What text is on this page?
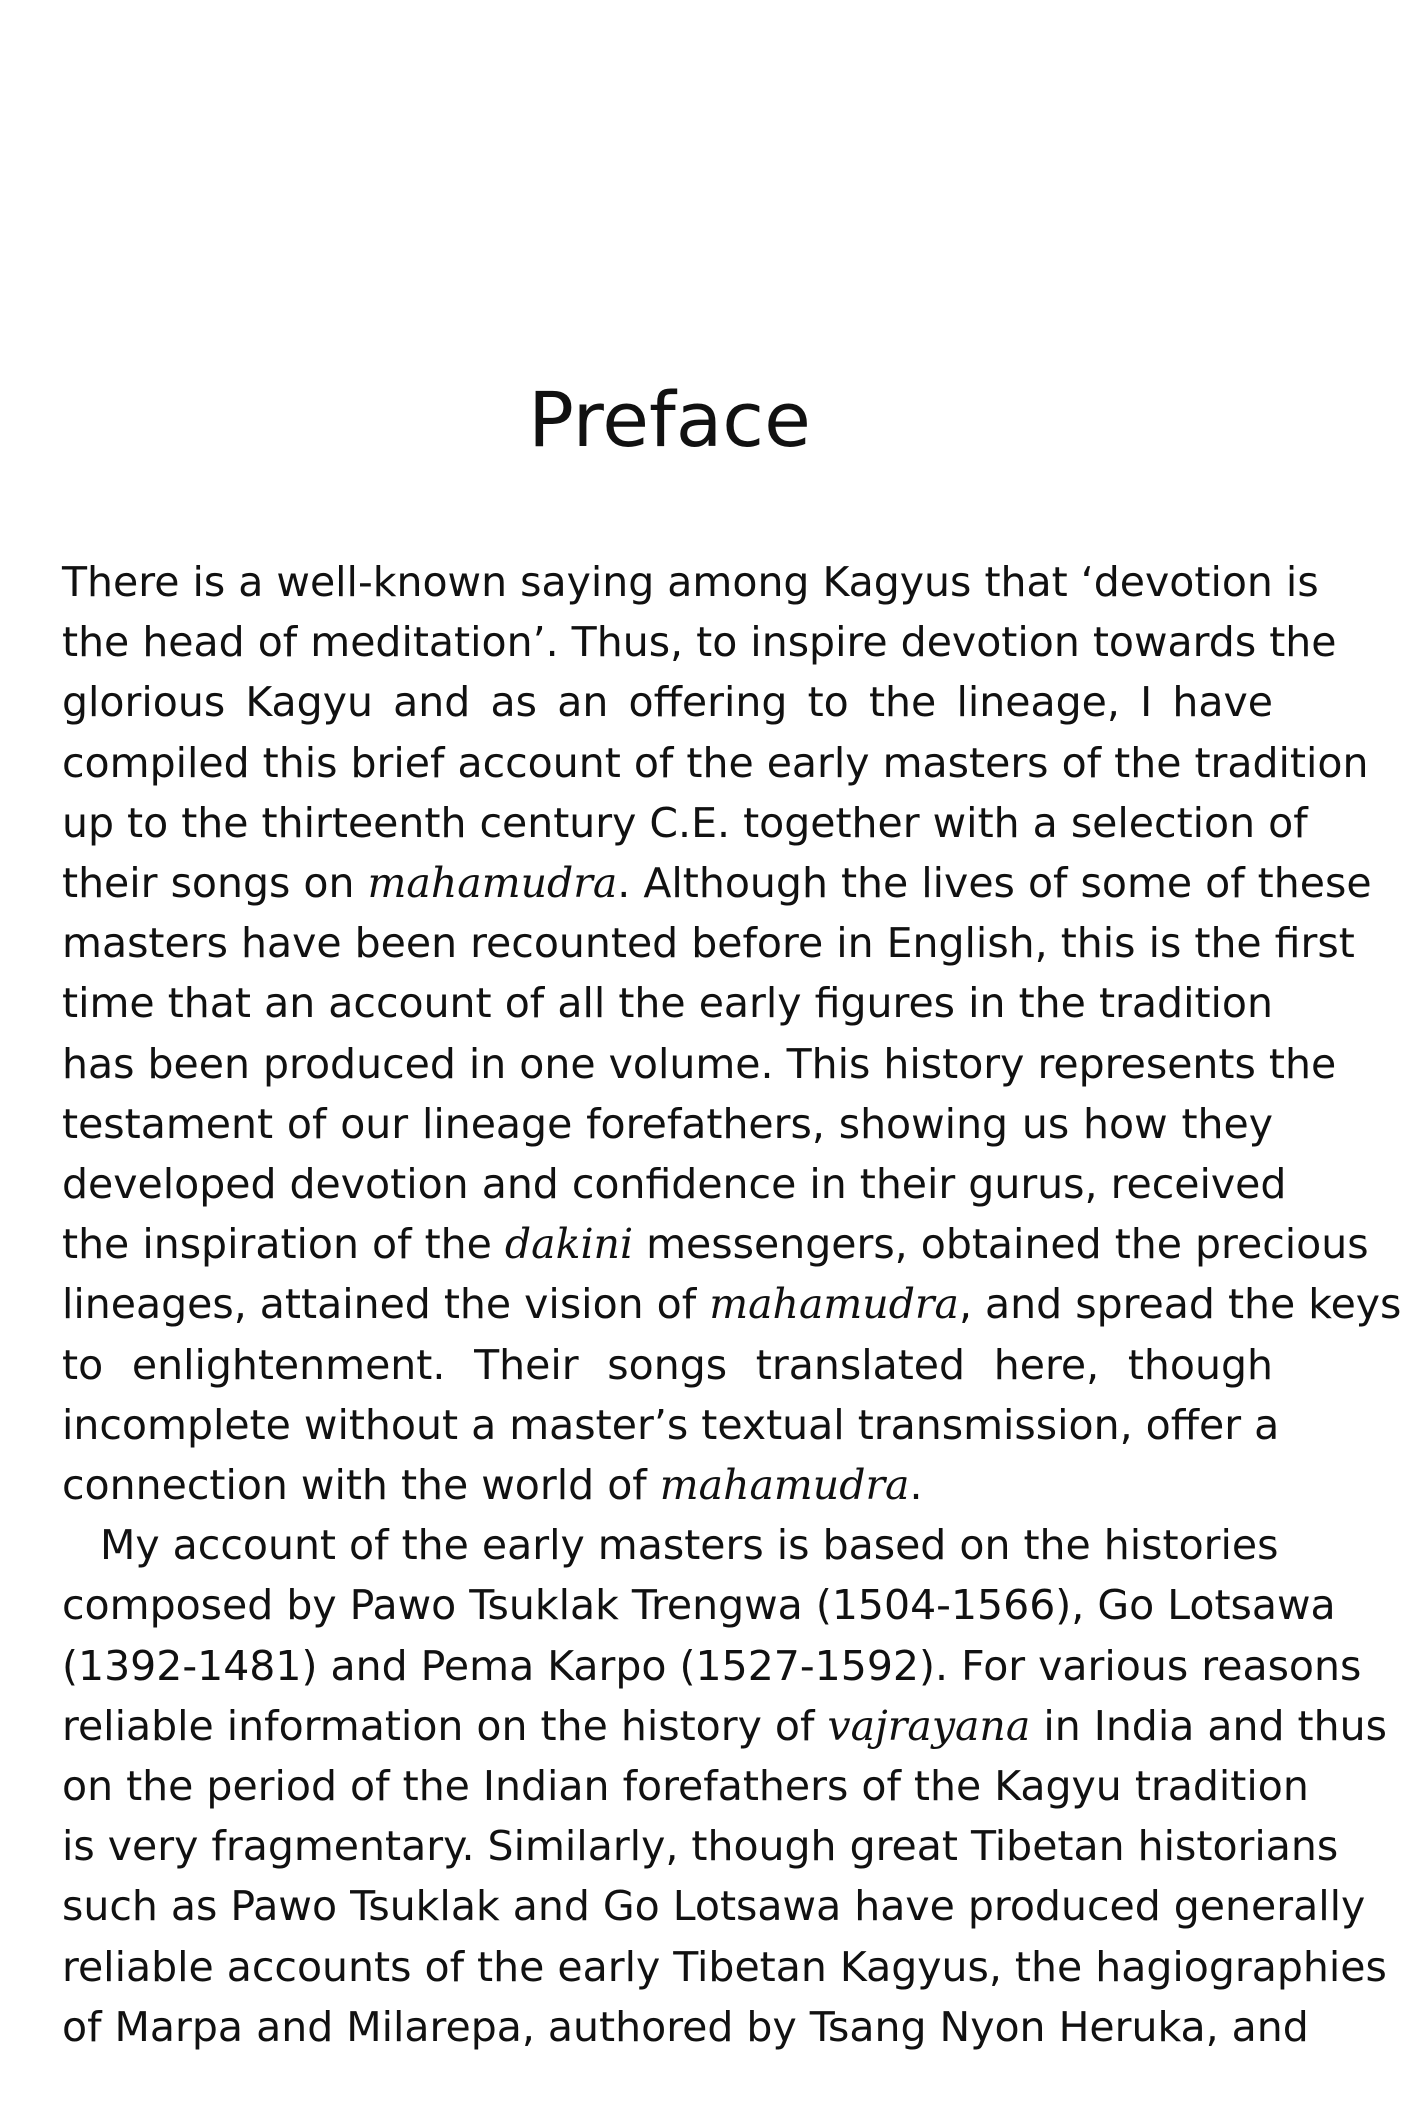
Preface
There is a well-known saying among Kagyus that ‘devotion is
the head of meditation’. Thus, to inspire devotion towards the
glorious Kagyu and as an offering to the lineage, I have
compiled this brief account of the early masters of the tradition
up to the thirteenth century C.E. together with a selection of
their songs on mahamudra. Although the lives of some of these
masters have been recounted before in English, this is the first
time that an account of all the early figures in the tradition
has been produced in one volume. This history represents the
testament of our lineage forefathers, showing us how they
developed devotion and confidence in their gurus, received
the inspiration of the dakini messengers, obtained the precious
lineages, attained the vision of mahamudra, and spread the keys
to enlightenment. Their songs translated here, though
incomplete without a master’s textual transmission, offer a
connection with the world of mahamudra.
My account of the early masters is based on the histories
composed by Pawo Tsuklak Trengwa (1504-1566), Go Lotsawa
(1392-1481) and Pema Karpo (1527-1592). For various reasons
reliable information on the history of vajrayana in India and thus
on the period of the Indian forefathers of the Kagyu tradition
is very fragmentary. Similarly, though great Tibetan historians
such as Pawo Tsuklak and Go Lotsawa have produced generally
reliable accounts of the early Tibetan Kagyus, the hagiographies
of Marpa and Milarepa, authored by Tsang Nyon Heruka, and
